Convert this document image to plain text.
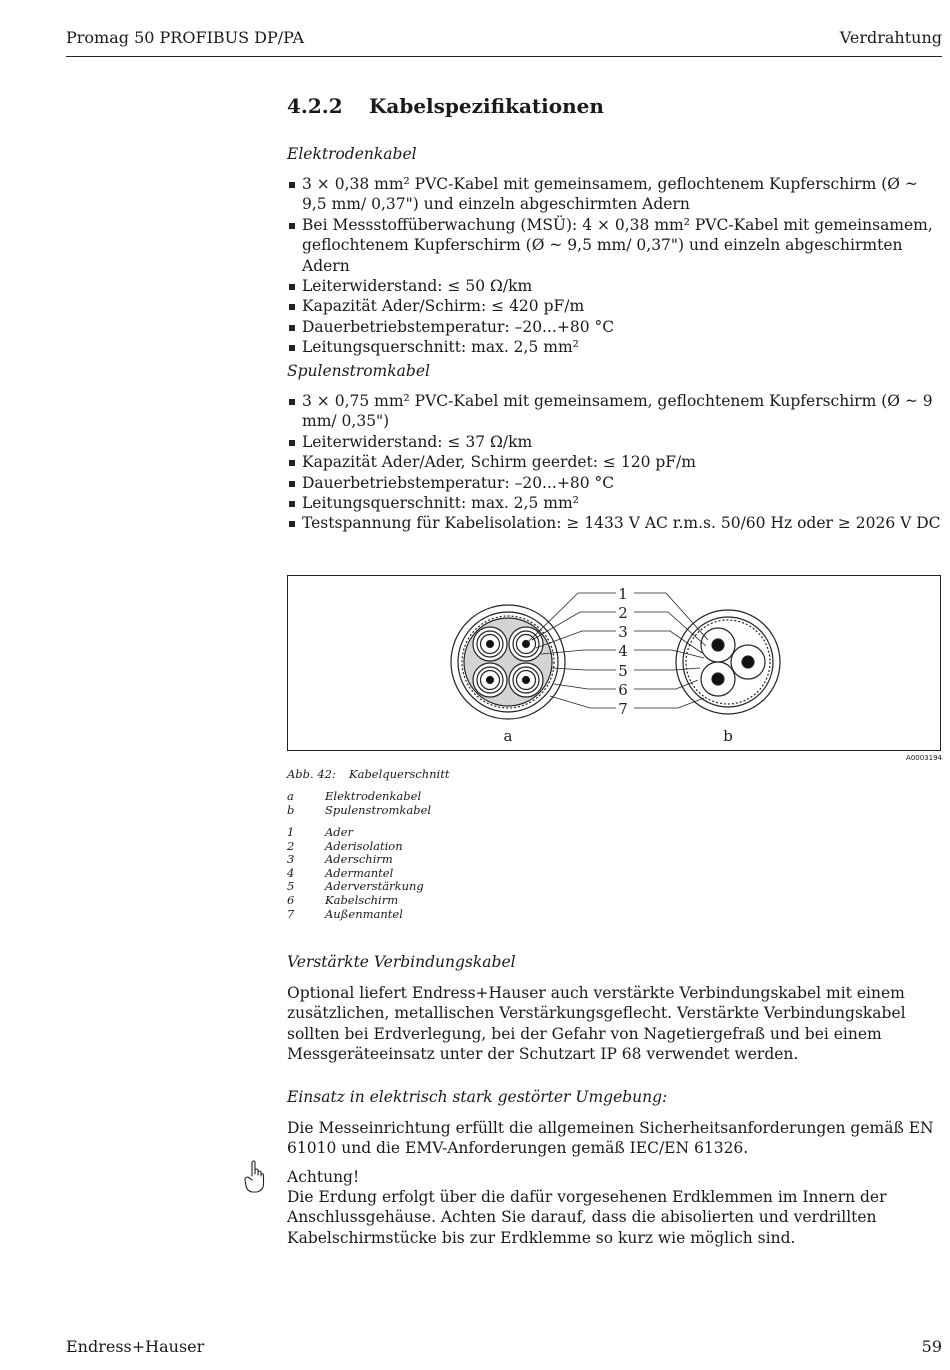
Promag 50 PROFIBUS DP/PA	Verdrahtung
4.2.2 Kabelspezifikationen
Elektrodenkabel
3 × 0,38 mm² PVC-Kabel mit gemeinsamem, geflochtenem Kupferschirm (Ø ~ 9,5 mm/ 0,37") und einzeln abgeschirmten Adern
Bei Messstoffüberwachung (MSÜ): 4 × 0,38 mm² PVC-Kabel mit gemeinsamem, geflochtenem Kupferschirm (Ø ~ 9,5 mm/ 0,37") und einzeln abgeschirmten Adern
Leiterwiderstand: ≤ 50 Ω/km
Kapazität Ader/Schirm: ≤ 420 pF/m
Dauerbetriebstemperatur: –20...+80 °C
Leitungsquerschnitt: max. 2,5 mm²
Spulenstromkabel
3 × 0,75 mm² PVC-Kabel mit gemeinsamem, geflochtenem Kupferschirm (Ø ~ 9 mm/ 0,35")
Leiterwiderstand: ≤ 37 Ω/km
Kapazität Ader/Ader, Schirm geerdet: ≤ 120 pF/m
Dauerbetriebstemperatur: –20...+80 °C
Leitungsquerschnitt: max. 2,5 mm²
Testspannung für Kabelisolation: ≥ 1433 V AC r.m.s. 50/60 Hz oder ≥ 2026 V DC
1
2
3
4
5
6
7
a	b
A0003194
Abb. 42: Kabelquerschnitt
a	Elektrodenkabel
b	Spulenstromkabel
1	Ader
2	Aderisolation
3	Aderschirm
4	Adermantel
5	Aderverstärkung
6	Kabelschirm
7	Außenmantel
Verstärkte Verbindungskabel

Optional liefert Endress+Hauser auch verstärkte Verbindungskabel mit einem zusätzlichen, metallischen Verstärkungsgeflecht. Verstärkte Verbindungskabel sollten bei Erdverlegung, bei der Gefahr von Nagetiergefraß und bei einem Messgeräteeinsatz unter der Schutzart IP 68 verwendet werden.

Einsatz in elektrisch stark gestörter Umgebung:

Die Messeinrichtung erfüllt die allgemeinen Sicherheitsanforderungen gemäß EN 61010 und die EMV-Anforderungen gemäß IEC/EN 61326.

Achtung!

Die Erdung erfolgt über die dafür vorgesehenen Erdklemmen im Innern der Anschlussgehäuse. Achten Sie darauf, dass die abisolierten und verdrillten Kabelschirmstücke bis zur Erdklemme so kurz wie möglich sind.

Endress+Hauser	59
